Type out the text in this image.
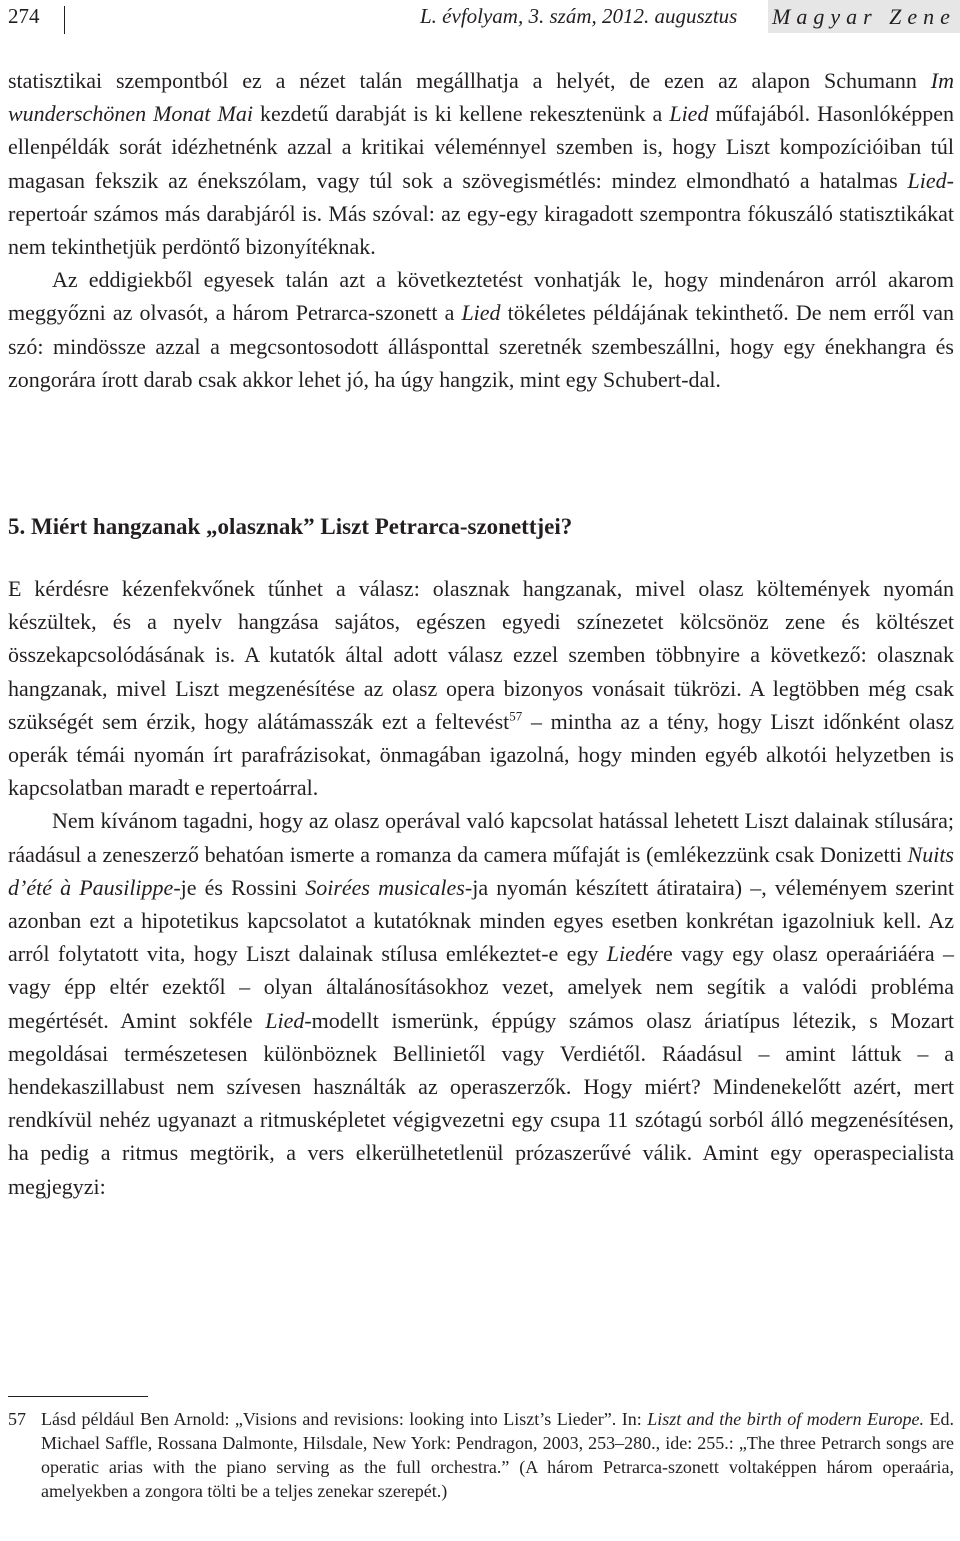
274	L. évfolyam, 3. szám, 2012. augusztus Magyar Zene

statisztikai szempontból ez a nézet talán megállhatja a helyét, de ezen az alapon Schumann Im wunderschönen Monat Mai kezdetű darabját is ki kellene rekesztenünk a Lied műfajából. Hasonlóképpen ellenpéldák sorát idézhetnénk azzal a kritikai véleménnyel szemben is, hogy Liszt kompozícióiban túl magasan fekszik az énekszólam, vagy túl sok a szövegismétlés: mindez elmondható a hatalmas Lied-repertoár számos más darabjáról is. Más szóval: az egy-egy kiragadott szempontra fókuszáló statisztikákat nem tekinthetjük perdöntő bizonyítéknak.

Az eddigiekből egyesek talán azt a következtetést vonhatják le, hogy mindenáron arról akarom meggyőzni az olvasót, a három Petrarca-szonett a Lied tökéletes példájának tekinthető. De nem erről van szó: mindössze azzal a megcsontosodott állásponttal szeretnék szembeszállni, hogy egy énekhangra és zongorára írott darab csak akkor lehet jó, ha úgy hangzik, mint egy Schubert-dal.

5. Miért hangzanak „olasznak” Liszt Petrarca-szonettjei?

E kérdésre kézenfekvőnek tűnhet a válasz: olasznak hangzanak, mivel olasz költemények nyomán készültek, és a nyelv hangzása sajátos, egészen egyedi színezetet kölcsönöz zene és költészet összekapcsolódásának is. A kutatók által adott válasz ezzel szemben többnyire a következő: olasznak hangzanak, mivel Liszt megzenésítése az olasz opera bizonyos vonásait tükrözi. A legtöbben még csak szükségét sem érzik, hogy alátámasszák ezt a feltevést$^{57}$ – mintha az a tény, hogy Liszt időnként olasz operák témái nyomán írt parafrázisokat, önmagában igazolná, hogy minden egyéb alkotói helyzetben is kapcsolatban maradt e repertoárral.

Nem kívánom tagadni, hogy az olasz operával való kapcsolat hatással lehetett Liszt dalainak stílusára; ráadásul a zeneszerző behatóan ismerte a romanza da camera műfaját is (emlékezzünk csak Donizetti Nuits d’été à Pausilippe-je és Rossini Soirées musicales-ja nyomán készített átirataira) –, véleményem szerint azonban ezt a hipotetikus kapcsolatot a kutatóknak minden egyes esetben konkrétan igazolniuk kell. Az arról folytatott vita, hogy Liszt dalainak stílusa emlékeztet-e egy Liedére vagy egy olasz operaáriáéra – vagy épp eltér ezektől – olyan általánosításokhoz vezet, amelyek nem segítik a valódi probléma megértését. Amint sokféle Lied-modellt ismerünk, éppúgy számos olasz áriatípus létezik, s Mozart megoldásai természetesen különböznek Bellinietől vagy Verdiétől. Ráadásul – amint láttuk – a hendekaszillabust nem szívesen használták az operaszerzők. Hogy miért? Mindenekelőtt azért, mert rendkívül nehéz ugyanazt a ritmusképletet végigvezetni egy csupa 11 szótagú sorból álló megzenésítésen, ha pedig a ritmus megtörik, a vers elkerülhetetlenül prózaszerűvé válik. Amint egy operaspecialista megjegyzi:

57 Lásd például Ben Arnold: „Visions and revisions: looking into Liszt’s Lieder”. In: Liszt and the birth of modern Europe. Ed. Michael Saffle, Rossana Dalmonte, Hilsdale, New York: Pendragon, 2003, 253–280., ide: 255.: „The three Petrarch songs are operatic arias with the piano serving as the full orchestra.” (A három Petrarca-szonett voltaképpen három operaária, amelyekben a zongora tölti be a teljes zenekar szerepét.)
